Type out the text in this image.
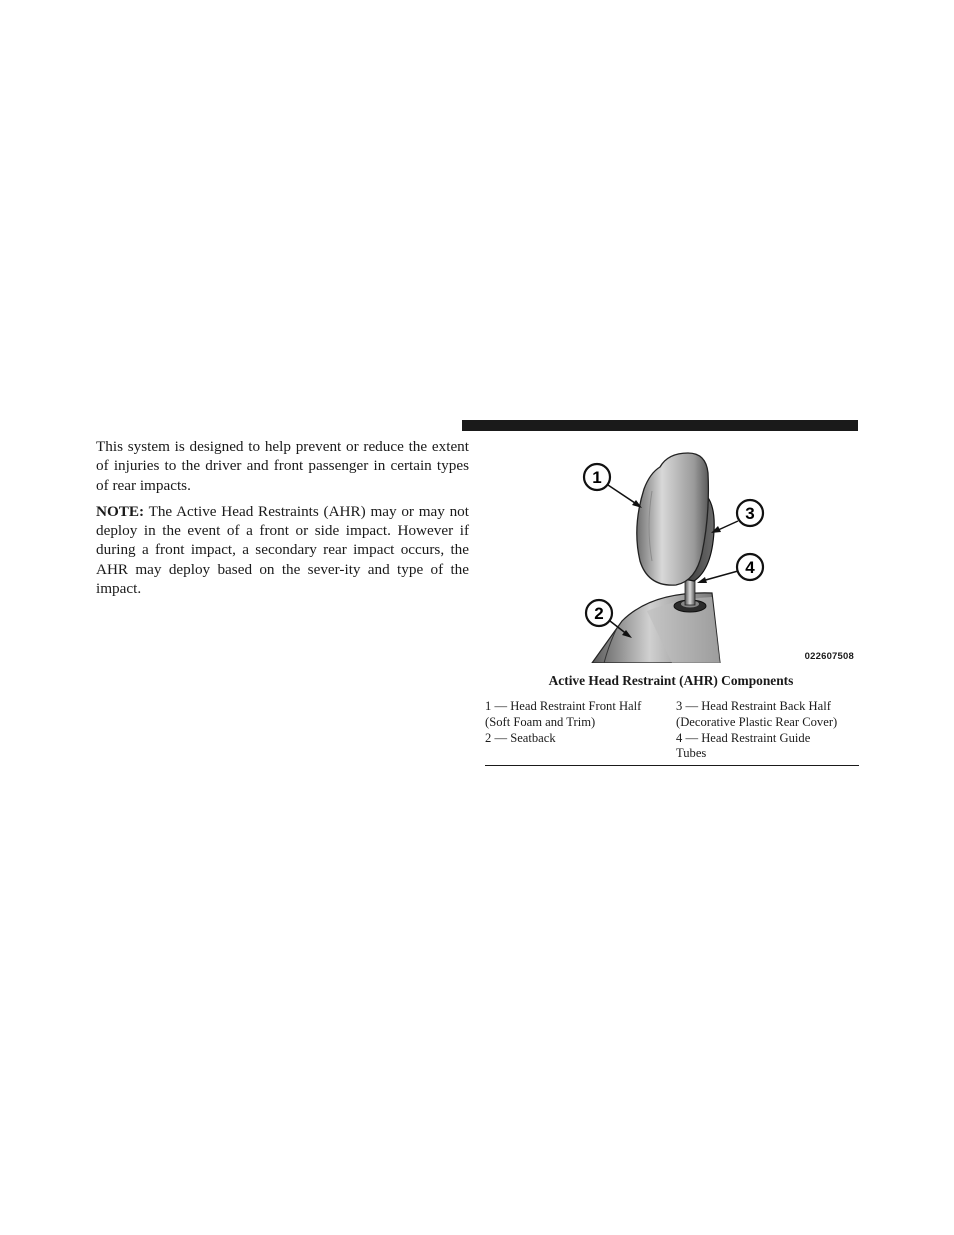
This system is designed to help prevent or reduce the extent of injuries to the driver and front passenger in certain types of rear impacts.

NOTE: The Active Head Restraints (AHR) may or may not deploy in the event of a front or side impact. However if during a front impact, a secondary rear impact occurs, the AHR may deploy based on the sever-ity and type of the impact.

1
2
3
4
022607508
Active Head Restraint (AHR) Components
1 — Head Restraint Front Half
(Soft Foam and Trim)
3 — Head Restraint Back Half
(Decorative Plastic Rear Cover)
2 — Seatback	4 — Head Restraint Guide
Tubes
